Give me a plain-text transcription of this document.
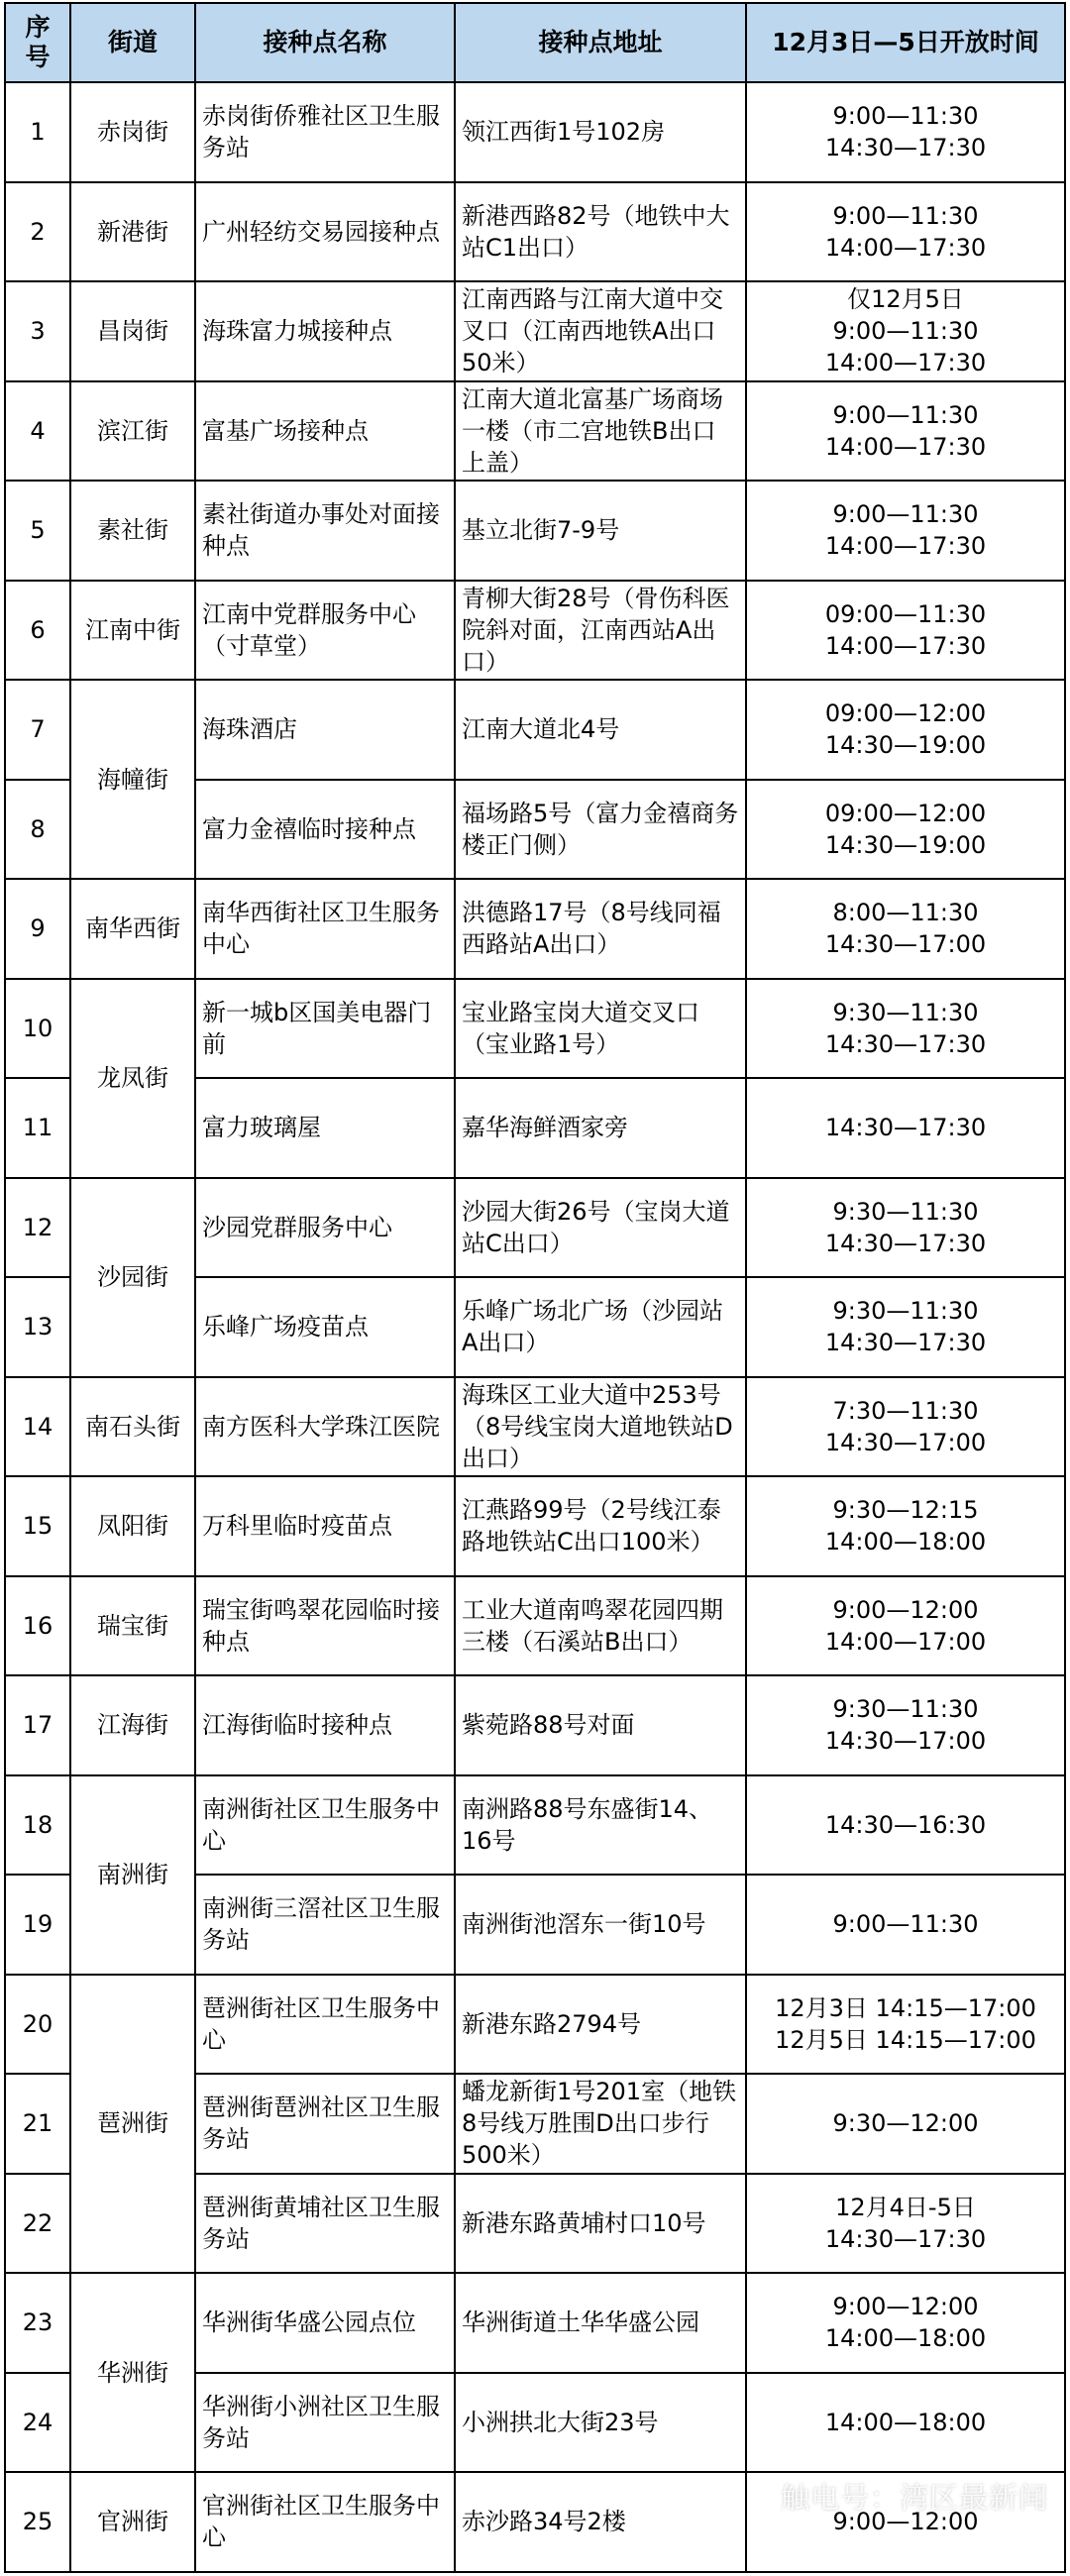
序
号	街道	接种点名称	接种点地址	12月3日—5日开放时间
1	赤岗街	赤岗街侨雅社区卫生服务站	领江西街1号102房	9:00—11:30
14:30—17:30

2	新港街	广州轻纺交易园接种点	新港西路82号（地铁中大站C1出口）	9:00—11:30
14:00—17:30

3	昌岗街	海珠富力城接种点	江南西路与江南大道中交叉口（江南西地铁A出口50米）	仅12月5日
9:00—11:30
14:00—17:30

4	滨江街	富基广场接种点	江南大道北富基广场商场一楼（市二宫地铁B出口上盖）	9:00—11:30
14:00—17:30

5	素社街	素社街道办事处对面接种点	基立北街7-9号	9:00—11:30
14:00—17:30

6	江南中街	江南中党群服务中心（寸草堂）	青柳大街28号（骨伤科医院斜对面，江南西站A出口）	09:00—11:30
14:00—17:30

7	海幢街	海珠酒店	江南大道北4号	09:00—12:00
14:30—19:00

8		富力金禧临时接种点	福场路5号（富力金禧商务楼正门侧）	09:00—12:00
14:30—19:00

9	南华西街	南华西街社区卫生服务中心	洪德路17号（8号线同福西路站A出口）	8:00—11:30
14:30—17:00

10	龙凤街	新一城b区国美电器门前	宝业路宝岗大道交叉口（宝业路1号）	9:30—11:30
14:30—17:30

11		富力玻璃屋	嘉华海鲜酒家旁	14:30—17:30

12	沙园街	沙园党群服务中心	沙园大街26号（宝岗大道站C出口）	9:30—11:30
14:30—17:30

13		乐峰广场疫苗点	乐峰广场北广场（沙园站A出口）	9:30—11:30
14:30—17:30

14	南石头街	南方医科大学珠江医院	海珠区工业大道中253号（8号线宝岗大道地铁站D出口）	7:30—11:30
14:30—17:00

15	凤阳街	万科里临时疫苗点	江燕路99号（2号线江泰路地铁站C出口100米）	9:30—12:15
14:00—18:00

16	瑞宝街	瑞宝街鸣翠花园临时接种点	工业大道南鸣翠花园四期三楼（石溪站B出口）	9:00—12:00
14:00—17:00

17	江海街	江海街临时接种点	紫菀路88号对面	9:30—11:30
14:30—17:00

18	南洲街	南洲街社区卫生服务中心	南洲路88号东盛街14、16号	14:30—16:30

19		南洲街三滘社区卫生服务站	南洲街池滘东一街10号	9:00—11:30

20	琶洲街	琶洲街社区卫生服务中心	新港东路2794号	12月3日 14:15—17:00
12月5日 14:15—17:00

21		琶洲街琶洲社区卫生服务站	蟠龙新街1号201室（地铁8号线万胜围D出口步行500米）	9:30—12:00

22		琶洲街黄埔社区卫生服务站	新港东路黄埔村口10号	12月4日-5日
14:30—17:30

23	华洲街	华洲街华盛公园点位	华洲街道土华华盛公园	9:00—12:00
14:00—18:00

24		华洲街小洲社区卫生服务站	小洲拱北大街23号	14:00—18:00

25	官洲街	官洲街社区卫生服务中心	赤沙路34号2楼	9:00—12:00
触电号：湾区最新闻
